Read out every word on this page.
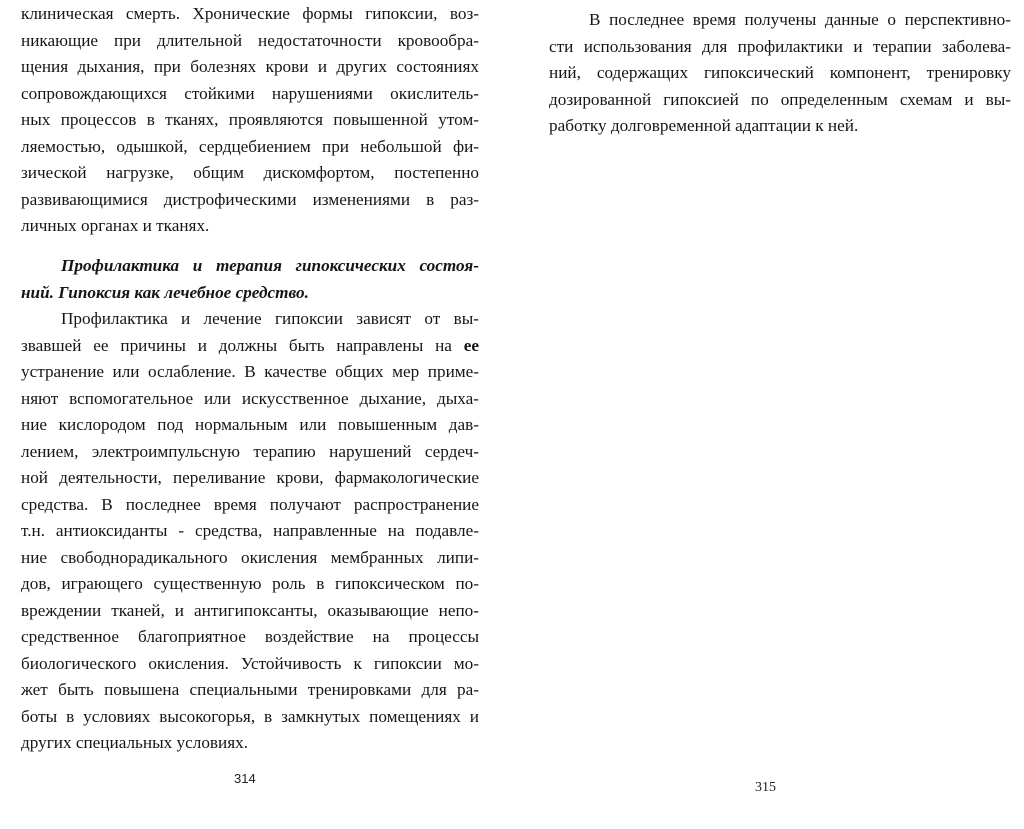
клиническая смерть. Хронические формы гипоксии, воз-
никающие при длительной недостаточности кровообра-
щения дыхания, при болезнях крови и других состояниях
сопровождающихся стойкими нарушениями окислитель-
ных процессов в тканях, проявляются повышенной утом-
ляемостью, одышкой, сердцебиением при небольшой фи-
зической нагрузке, общим дискомфортом, постепенно
развивающимися дистрофическими изменениями в раз-
личных органах и тканях.
Профилактика и терапия гипоксических состоя-
ний. Гипоксия как лечебное средство.
Профилактика и лечение гипоксии зависят от вы-
звавшей ее причины и должны быть направлены на ее
устранение или ослабление. В качестве общих мер приме-
няют вспомогательное или искусственное дыхание, дыха-
ние кислородом под нормальным или повышенным дав-
лением, электроимпульсную терапию нарушений сердеч-
ной деятельности, переливание крови, фармакологические
средства. В последнее время получают распространение
т.н. антиоксиданты - средства, направленные на подавле-
ние свободнорадикального окисления мембранных липи-
дов, играющего существенную роль в гипоксическом по-
вреждении тканей, и антигипоксанты, оказывающие непо-
средственное благоприятное воздействие на процессы
биологического окисления. Устойчивость к гипоксии мо-
жет быть повышена специальными тренировками для ра-
боты в условиях высокогорья, в замкнутых помещениях и
других специальных условиях.
314
В последнее время получены данные о перспективно-
сти использования для профилактики и терапии заболева-
ний, содержащих гипоксический компонент, тренировку
дозированной гипоксией по определенным схемам и вы-
работку долговременной адаптации к ней.
315
